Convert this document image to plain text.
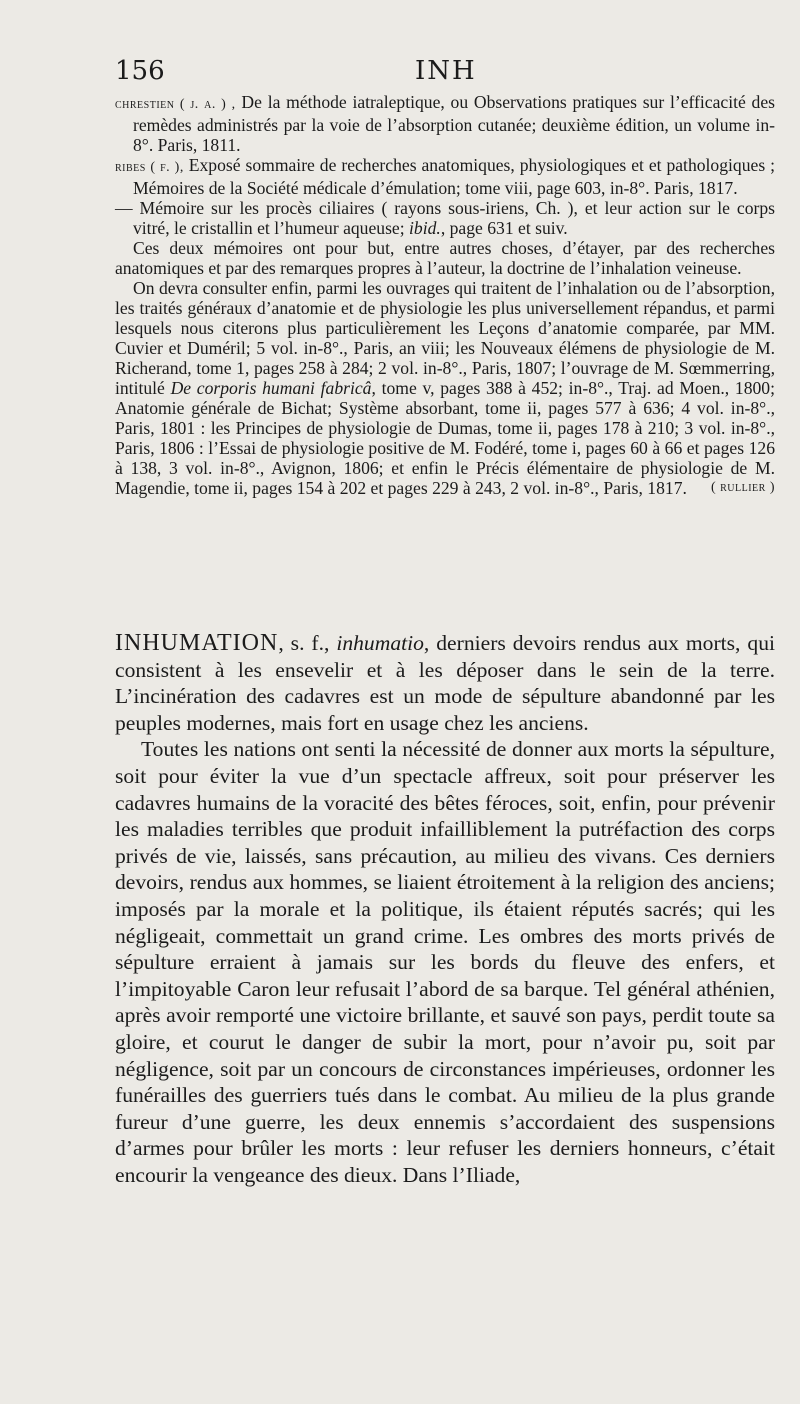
156	INH

chrestien ( j. a. ) , De la méthode iatraleptique, ou Observations pratiques sur l’efficacité des remèdes administrés par la voie de l’absorption cutanée; deuxième édition, un volume in-8°. Paris, 1811.

ribes ( f. ), Exposé sommaire de recherches anatomiques, physiologiques et et pathologiques ; Mémoires de la Société médicale d’émulation; tome viii, page 603, in-8°. Paris, 1817.

— Mémoire sur les procès ciliaires ( rayons sous-iriens, Ch. ), et leur action sur le corps vitré, le cristallin et l’humeur aqueuse; ibid., page 631 et suiv.

Ces deux mémoires ont pour but, entre autres choses, d’étayer, par des recherches anatomiques et par des remarques propres à l’auteur, la doctrine de l’inhalation veineuse.

On devra consulter enfin, parmi les ouvrages qui traitent de l’inhalation ou de l’absorption, les traités généraux d’anatomie et de physiologie les plus universellement répandus, et parmi lesquels nous citerons plus particulièrement les Leçons d’anatomie comparée, par MM. Cuvier et Duméril; 5 vol. in-8°., Paris, an viii; les Nouveaux élémens de physiologie de M. Richerand, tome 1, pages 258 à 284; 2 vol. in-8°., Paris, 1807; l’ouvrage de M. Sœmmerring, intitulé De corporis humani fabricâ, tome v, pages 388 à 452; in-8°., Traj. ad Moen., 1800; Anatomie générale de Bichat; Système absorbant, tome ii, pages 577 à 636; 4 vol. in-8°., Paris, 1801 : les Principes de physiologie de Dumas, tome ii, pages 178 à 210; 3 vol. in-8°., Paris, 1806 : l’Essai de physiologie positive de M. Fodéré, tome i, pages 60 à 66 et pages 126 à 138, 3 vol. in-8°., Avignon, 1806; et enfin le Précis élémentaire de physiologie de M. Magendie, tome ii, pages 154 à 202 et pages 229 à 243, 2 vol. in-8°., Paris, 1817.	( rullier )

INHUMATION, s. f., inhumatio, derniers devoirs rendus aux morts, qui consistent à les ensevelir et à les déposer dans le sein de la terre. L’incinération des cadavres est un mode de sépulture abandonné par les peuples modernes, mais fort en usage chez les anciens.

Toutes les nations ont senti la nécessité de donner aux morts la sépulture, soit pour éviter la vue d’un spectacle affreux, soit pour préserver les cadavres humains de la voracité des bêtes féroces, soit, enfin, pour prévenir les maladies terribles que produit infailliblement la putréfaction des corps privés de vie, laissés, sans précaution, au milieu des vivans. Ces derniers devoirs, rendus aux hommes, se liaient étroitement à la religion des anciens; imposés par la morale et la politique, ils étaient réputés sacrés; qui les négligeait, commettait un grand crime. Les ombres des morts privés de sépulture erraient à jamais sur les bords du fleuve des enfers, et l’impitoyable Caron leur refusait l’abord de sa barque. Tel général athénien, après avoir remporté une victoire brillante, et sauvé son pays, perdit toute sa gloire, et courut le danger de subir la mort, pour n’avoir pu, soit par négligence, soit par un concours de circonstances impérieuses, ordonner les funérailles des guerriers tués dans le combat. Au milieu de la plus grande fureur d’une guerre, les deux ennemis s’accordaient des suspensions d’armes pour brûler les morts : leur refuser les derniers honneurs, c’était encourir la vengeance des dieux. Dans l’Iliade,
